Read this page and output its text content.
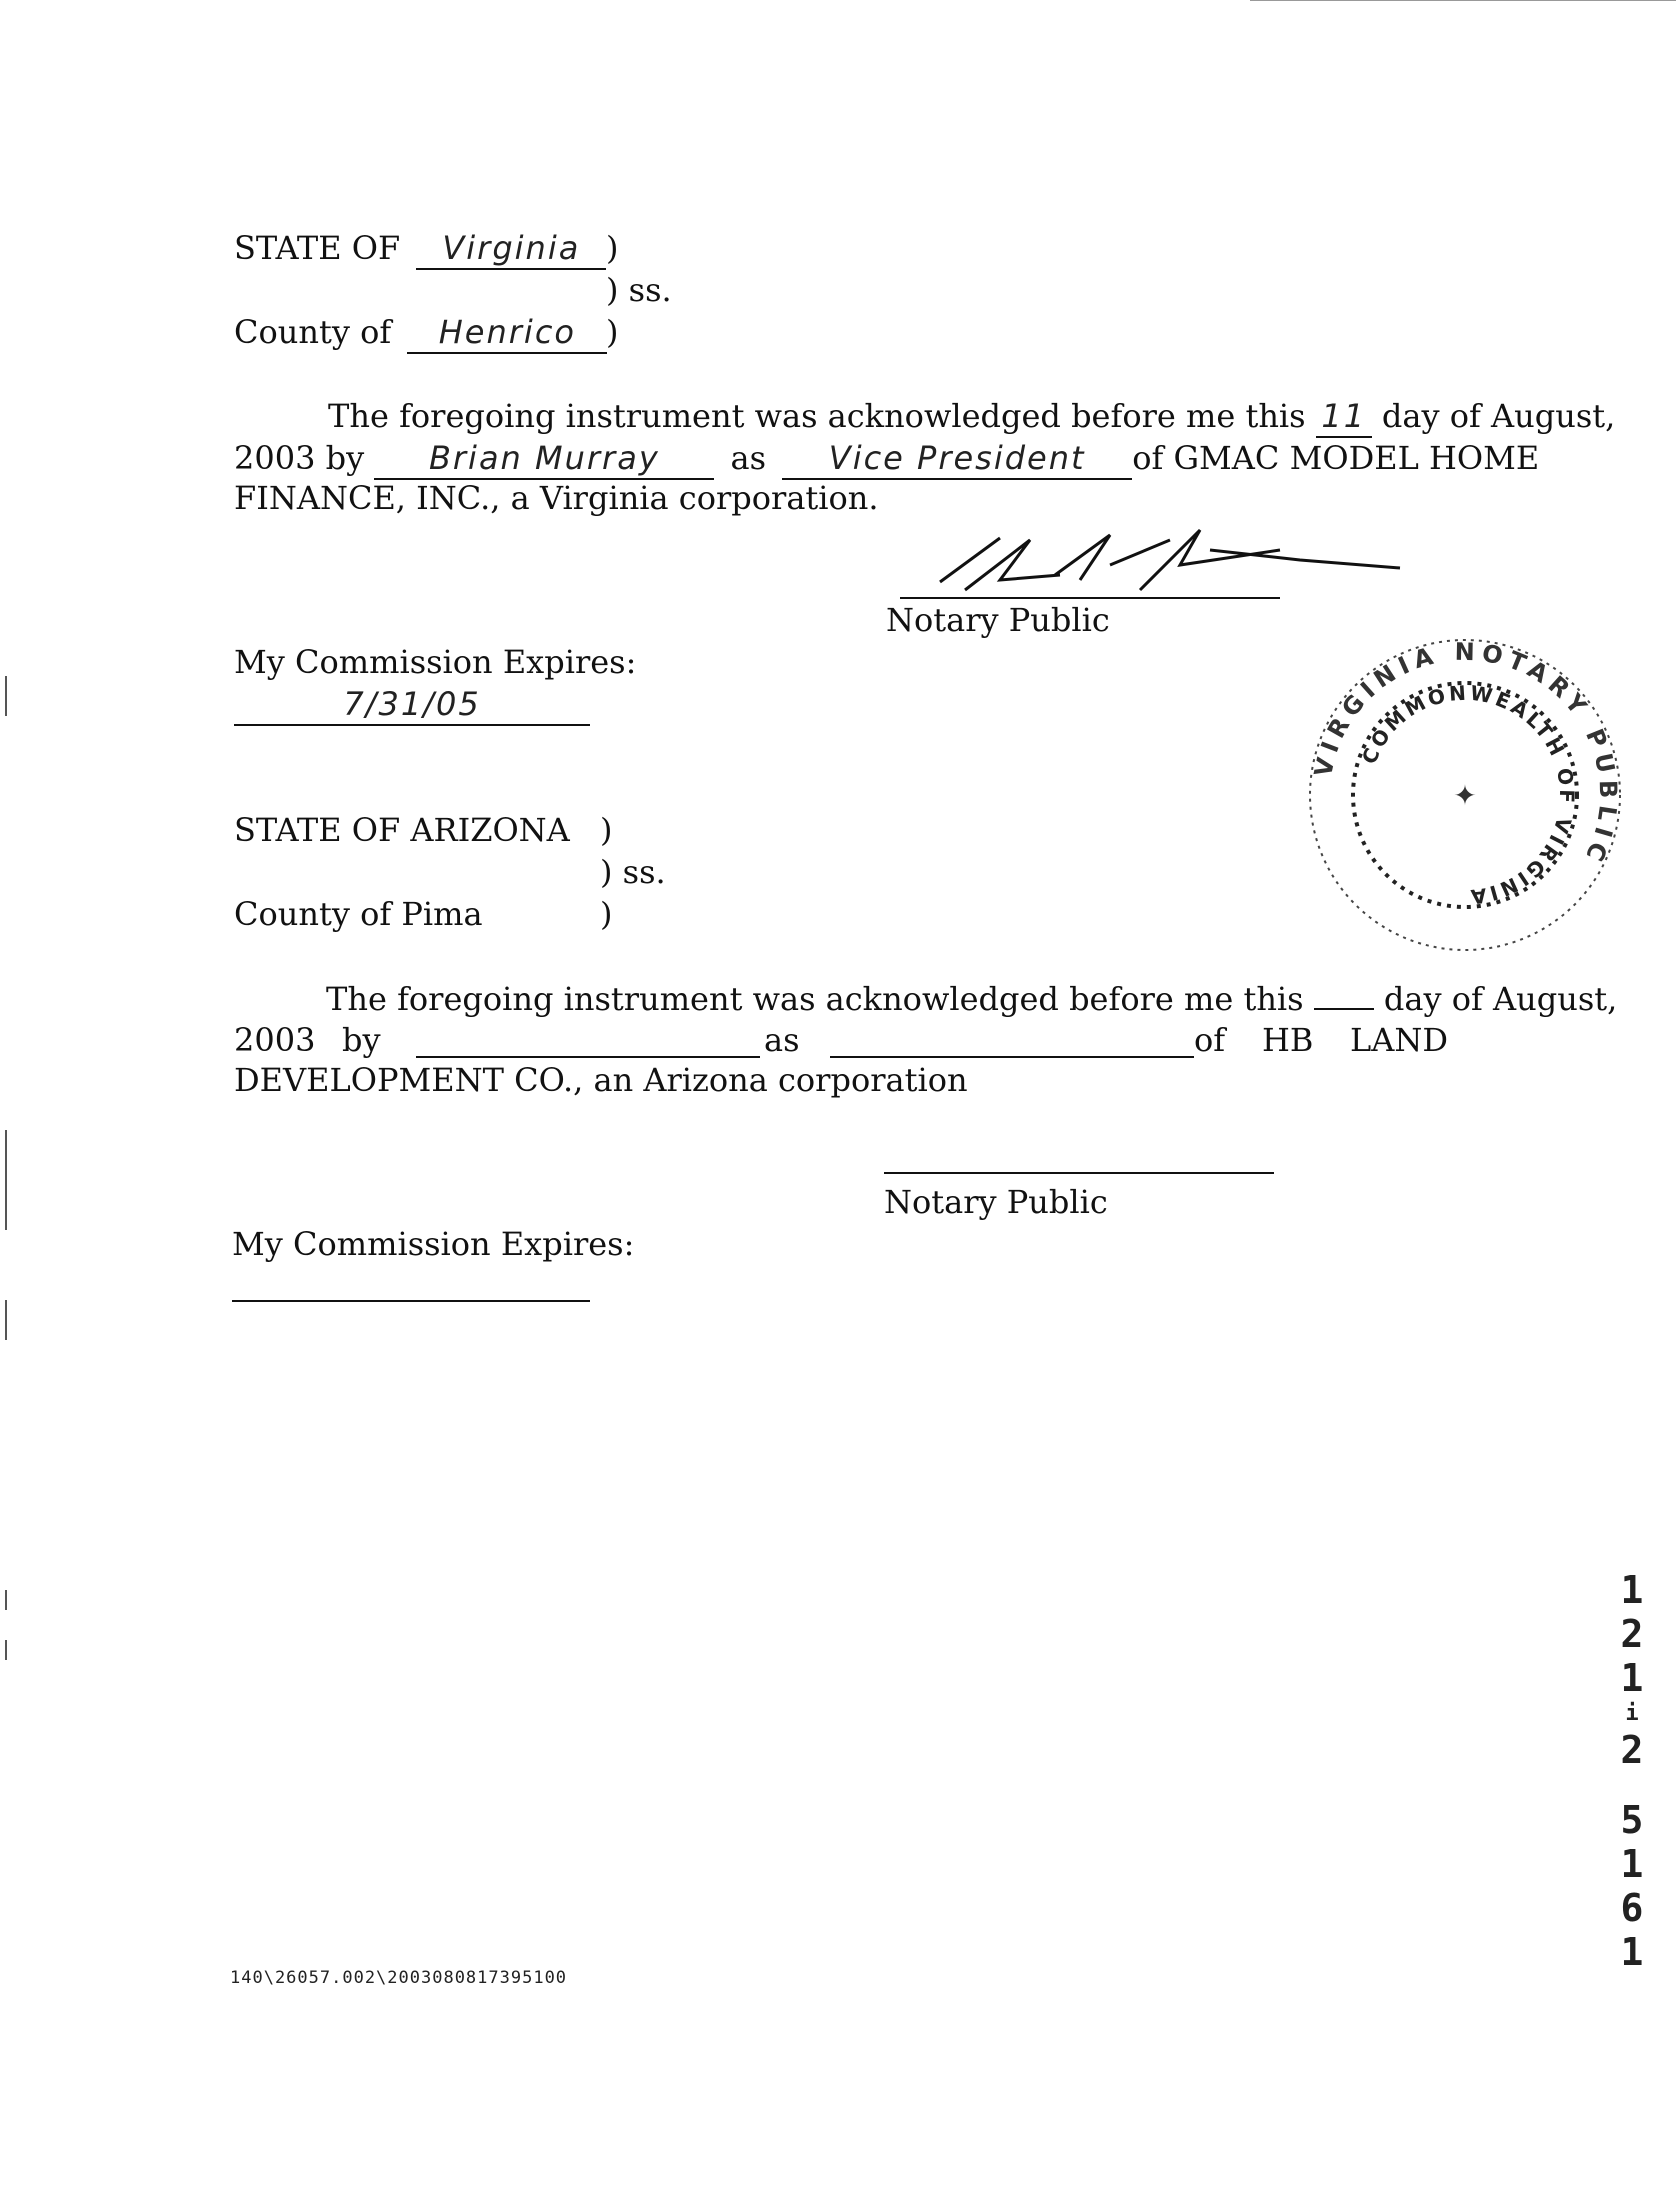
STATE OF Virginia )
) ss.
County of Henrico )
The foregoing instrument was acknowledged before me this 11 day of August,
2003 by Brian Murray as Vice President of GMAC MODEL HOME
FINANCE, INC., a Virginia corporation.
Notary Public
My Commission Expires:
7/31/05
VIRGINIA NOTARY PUBLIC
COMMONWEALTH OF VIRGINIA
✦
STATE OF ARIZONA )
) ss.
County of Pima	)
The foregoing instrument was acknowledged before me this	day of August,
2003 by	as	of HB LAND
DEVELOPMENT CO., an Arizona corporation
Notary Public
My Commission Expires:
1
2
1
i
2
5
1
6
1
140\26057.002\2003080817395100
